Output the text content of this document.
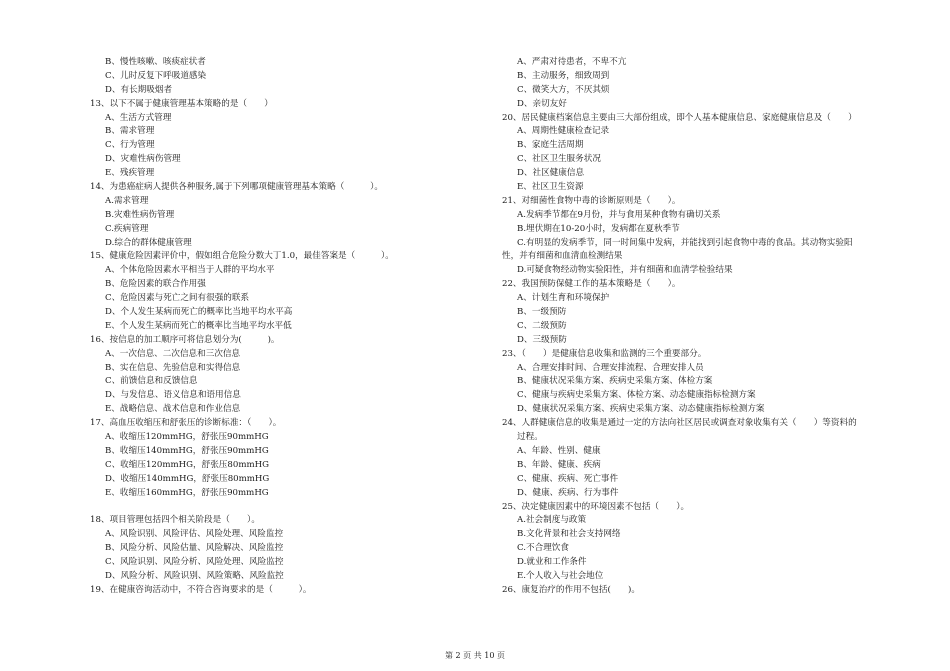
B、慢性咳嗽、咳痰症状者
C、儿时反复下呼吸道感染
D、有长期吸烟者
13、以下不属于健康管理基本策略的是（　　）
A、生活方式管理
B、需求管理
C、行为管理
D、灾难性病伤管理
E、残疾管理
14、为患癌症病人提供各种服务,属于下列哪项健康管理基本策略（　　　）。
A.需求管理
B.灾难性病伤管理
C.疾病管理
D.综合的群体健康管理
15、健康危险因素评价中，假如组合危险分数大丁1.0，最佳答案是（　　　）。
A、个体危险因素水平相当于人群的平均水平
B、危险因素的联合作用强
C、危险因素与死亡之间有很强的联系
D、个人发生某病而死亡的概率比当地平均水平高
E、个人发生某病而死亡的概率比当地平均水平低
16、按信息的加工顺序可将信息划分为(　　　)。
A、一次信息、二次信息和三次信息
B、实在信息、先验信息和实得信息
C、前馈信息和反馈信息
D、与发信息、语义信息和语用信息
E、战略信息、战术信息和作业信息
17、高血压收缩压和舒张压的诊断标准：（　　）。
A、收缩压120mmHG，舒张压90mmHG
B、收缩压140mmHG，舒张压90mmHG
C、收缩压120mmHG，舒张压80mmHG
D、收缩压140mmHG，舒张压80mmHG
E、收缩压160mmHG，舒张压90mmHG
18、项目管理包括四个相关阶段是（　　）。
A、风险识别、风险评估、风险处理、风险监控
B、风险分析、风险估量、风险解决、风险监控
C、风险识别、风险分析、风险处理、风险监控
D、风险分析、风险识别、风险策略、风险监控
19、在健康咨询活动中，不符合咨询要求的是（　　　）。
A、严肃对待患者，不卑不亢
B、主动服务，细致周到
C、微笑大方，不厌其烦
D、亲切友好
20、居民健康档案信息主要由三大部份组成，即个人基本健康信息、家庭健康信息及（　　）
A、周期性健康检查记录
B、家庭生活周期
C、社区卫生服务状况
D、社区健康信息
E、社区卫生资源
21、对细菌性食物中毒的诊断原则是（　　）。
A.发病季节都在9月份，并与食用某种食物有确切关系
B.埋伏期在10-20小时，发病都在夏秋季节
C.有明显的发病季节，同一时间集中发病，并能找到引起食物中毒的食品。其动物实验阳
性，并有细菌和血清血检测结果
D.可疑食物经动物实验阳性，并有细菌和血清学检验结果
22、我国预防保健工作的基本策略是（　　）。
A、计划生育和环境保护
B、一级预防
C、二级预防
D、三级预防
23、（　　）是健康信息收集和监测的三个重要部分。
A、合理安排时间、合理安排流程、合理安排人员
B、健康状况采集方案、疾病史采集方案、体检方案
C、健康与疾病史采集方案、体检方案、动态健康指标检测方案
D、健康状况采集方案、疾病史采集方案、动态健康指标检测方案
24、人群健康信息的收集是通过一定的方法向社区居民或调查对象收集有关（　　）等资料的
过程。
A、年龄、性别、健康
B、年龄、健康、疾病
C、健康、疾病、死亡事件
D、健康、疾病、行为事件
25、决定健康因素中的环境因素不包括（　　）。
A.社会制度与政策
B.文化背景和社会支持网络
C.不合理饮食
D.就业和工作条件
E.个人收入与社会地位
26、康复治疗的作用不包括(　　)。
第 2 页 共 10 页
